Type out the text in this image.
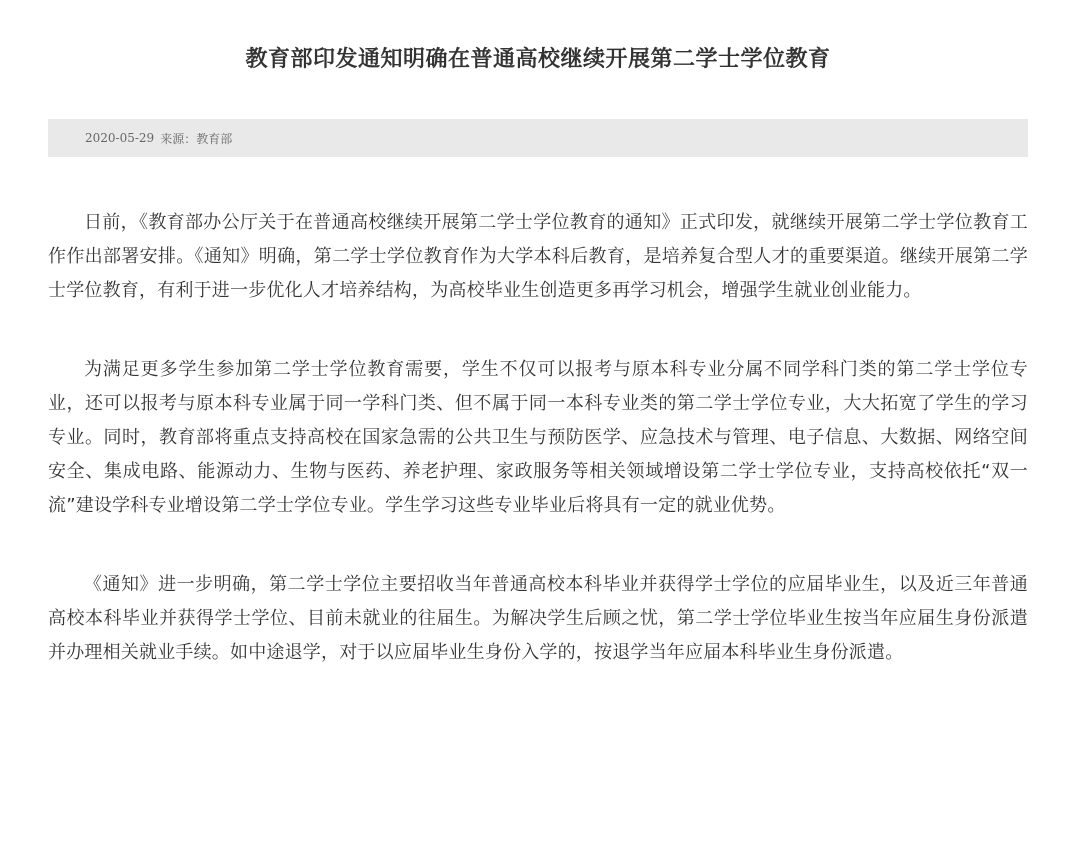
教育部印发通知明确在普通高校继续开展第二学士学位教育
2020-05-29 来源： 教育部

日前，《教育部办公厅关于在普通高校继续开展第二学士学位教育的通知》正式印发，就继续开展第二学士学位教育工作作出部署安排。《通知》明确，第二学士学位教育作为大学本科后教育，是培养复合型人才的重要渠道。继续开展第二学士学位教育，有利于进一步优化人才培养结构，为高校毕业生创造更多再学习机会，增强学生就业创业能力。

为满足更多学生参加第二学士学位教育需要，学生不仅可以报考与原本科专业分属不同学科门类的第二学士学位专业，还可以报考与原本科专业属于同一学科门类、但不属于同一本科专业类的第二学士学位专业，大大拓宽了学生的学习专业。同时，教育部将重点支持高校在国家急需的公共卫生与预防医学、应急技术与管理、电子信息、大数据、网络空间安全、集成电路、能源动力、生物与医药、养老护理、家政服务等相关领域增设第二学士学位专业，支持高校依托“双一流”建设学科专业增设第二学士学位专业。学生学习这些专业毕业后将具有一定的就业优势。

《通知》进一步明确，第二学士学位主要招收当年普通高校本科毕业并获得学士学位的应届毕业生，以及近三年普通高校本科毕业并获得学士学位、目前未就业的往届生。为解决学生后顾之忧，第二学士学位毕业生按当年应届生身份派遣并办理相关就业手续。如中途退学，对于以应届毕业生身份入学的，按退学当年应届本科毕业生身份派遣。
